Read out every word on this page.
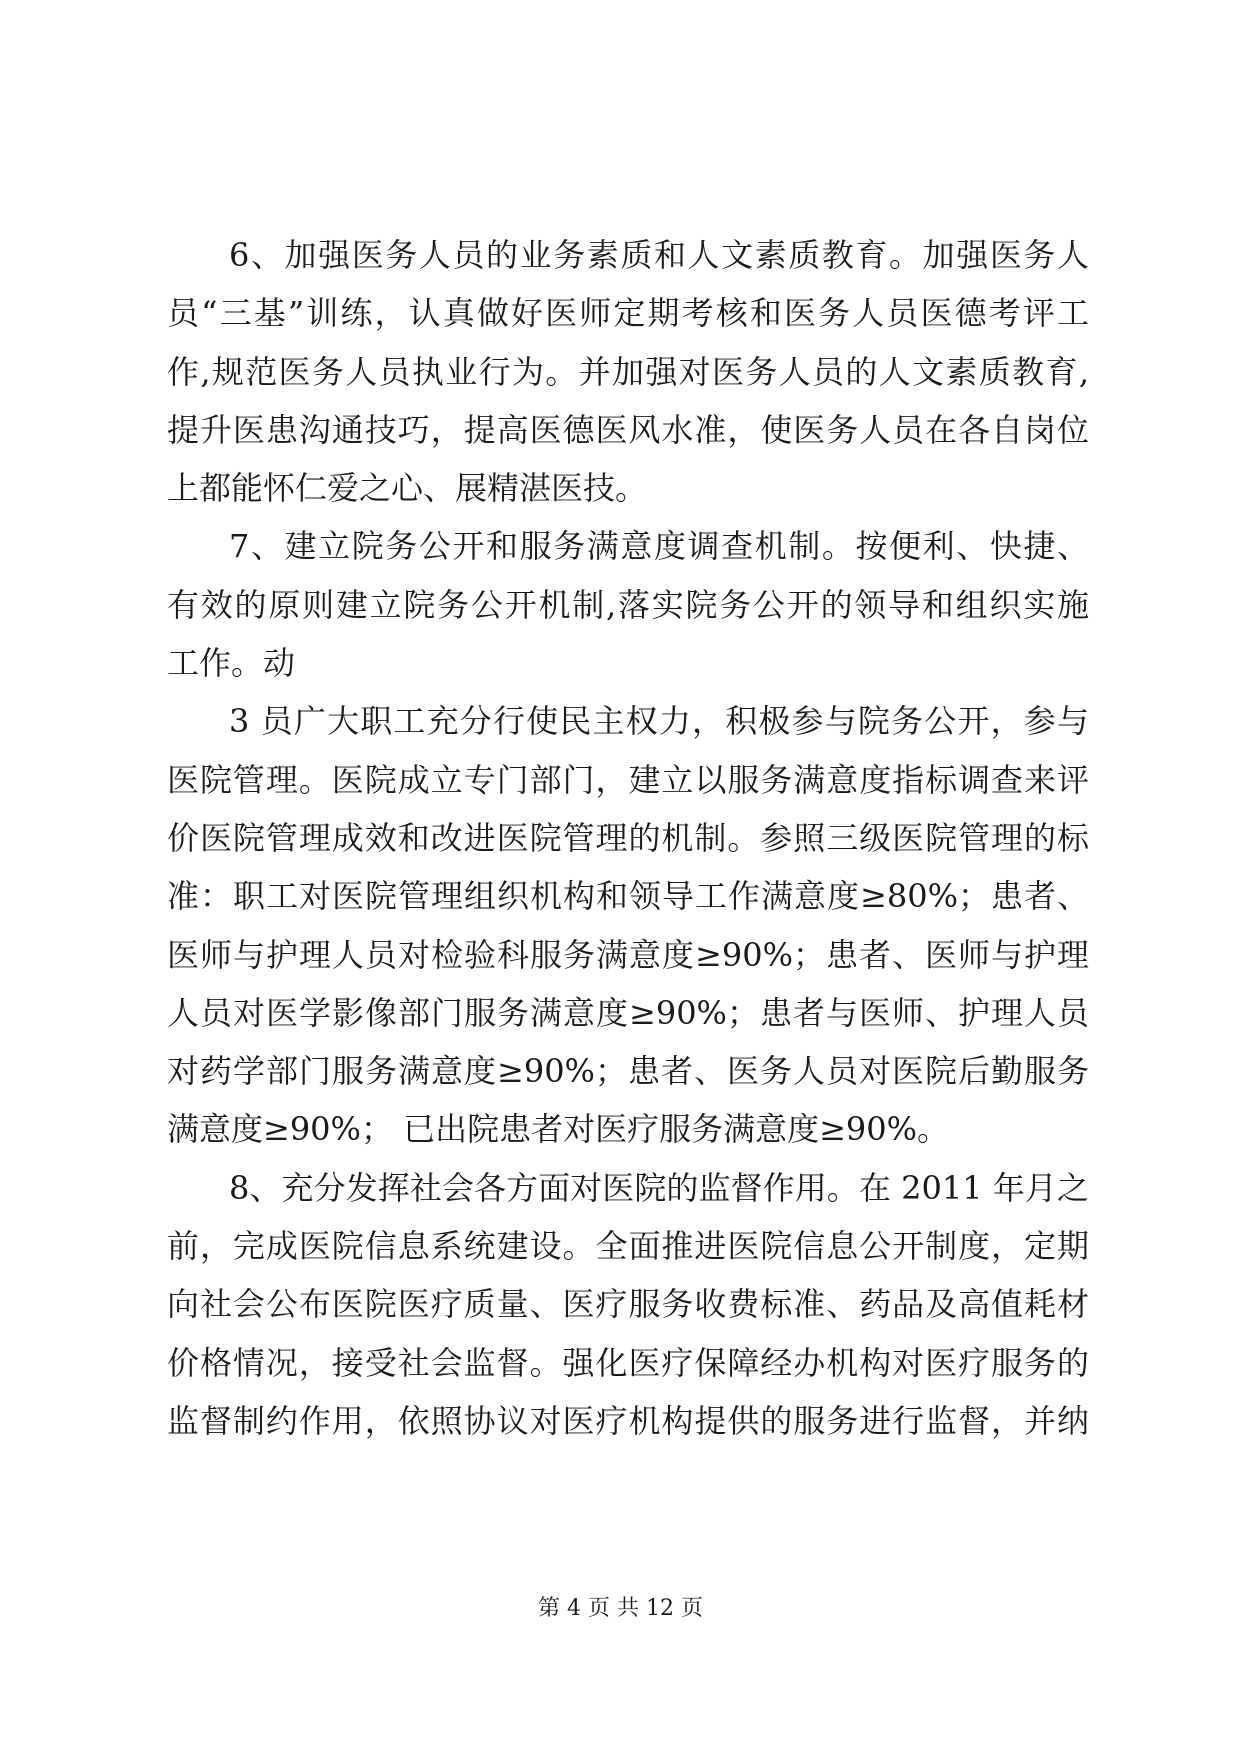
6、加强医务人员的业务素质和人文素质教育。加强医务人
员“三基”训练，认真做好医师定期考核和医务人员医德考评工
作,规范医务人员执业行为。并加强对医务人员的人文素质教育,
提升医患沟通技巧，提高医德医风水准，使医务人员在各自岗位
上都能怀仁爱之心、展精湛医技。
7、建立院务公开和服务满意度调查机制。按便利、快捷、
有效的原则建立院务公开机制,落实院务公开的领导和组织实施
工作。动
3 员广大职工充分行使民主权力，积极参与院务公开，参与
医院管理。医院成立专门部门，建立以服务满意度指标调查来评
价医院管理成效和改进医院管理的机制。参照三级医院管理的标
准：职工对医院管理组织机构和领导工作满意度≥80%；患者、
医师与护理人员对检验科服务满意度≥90%；患者、医师与护理
人员对医学影像部门服务满意度≥90%；患者与医师、护理人员
对药学部门服务满意度≥90%；患者、医务人员对医院后勤服务
满意度≥90%； 已出院患者对医疗服务满意度≥90%。
8、充分发挥社会各方面对医院的监督作用。在 2011 年月之
前，完成医院信息系统建设。全面推进医院信息公开制度，定期
向社会公布医院医疗质量、医疗服务收费标准、药品及高值耗材
价格情况，接受社会监督。强化医疗保障经办机构对医疗服务的
监督制约作用，依照协议对医疗机构提供的服务进行监督，并纳
第 4 页 共 12 页
